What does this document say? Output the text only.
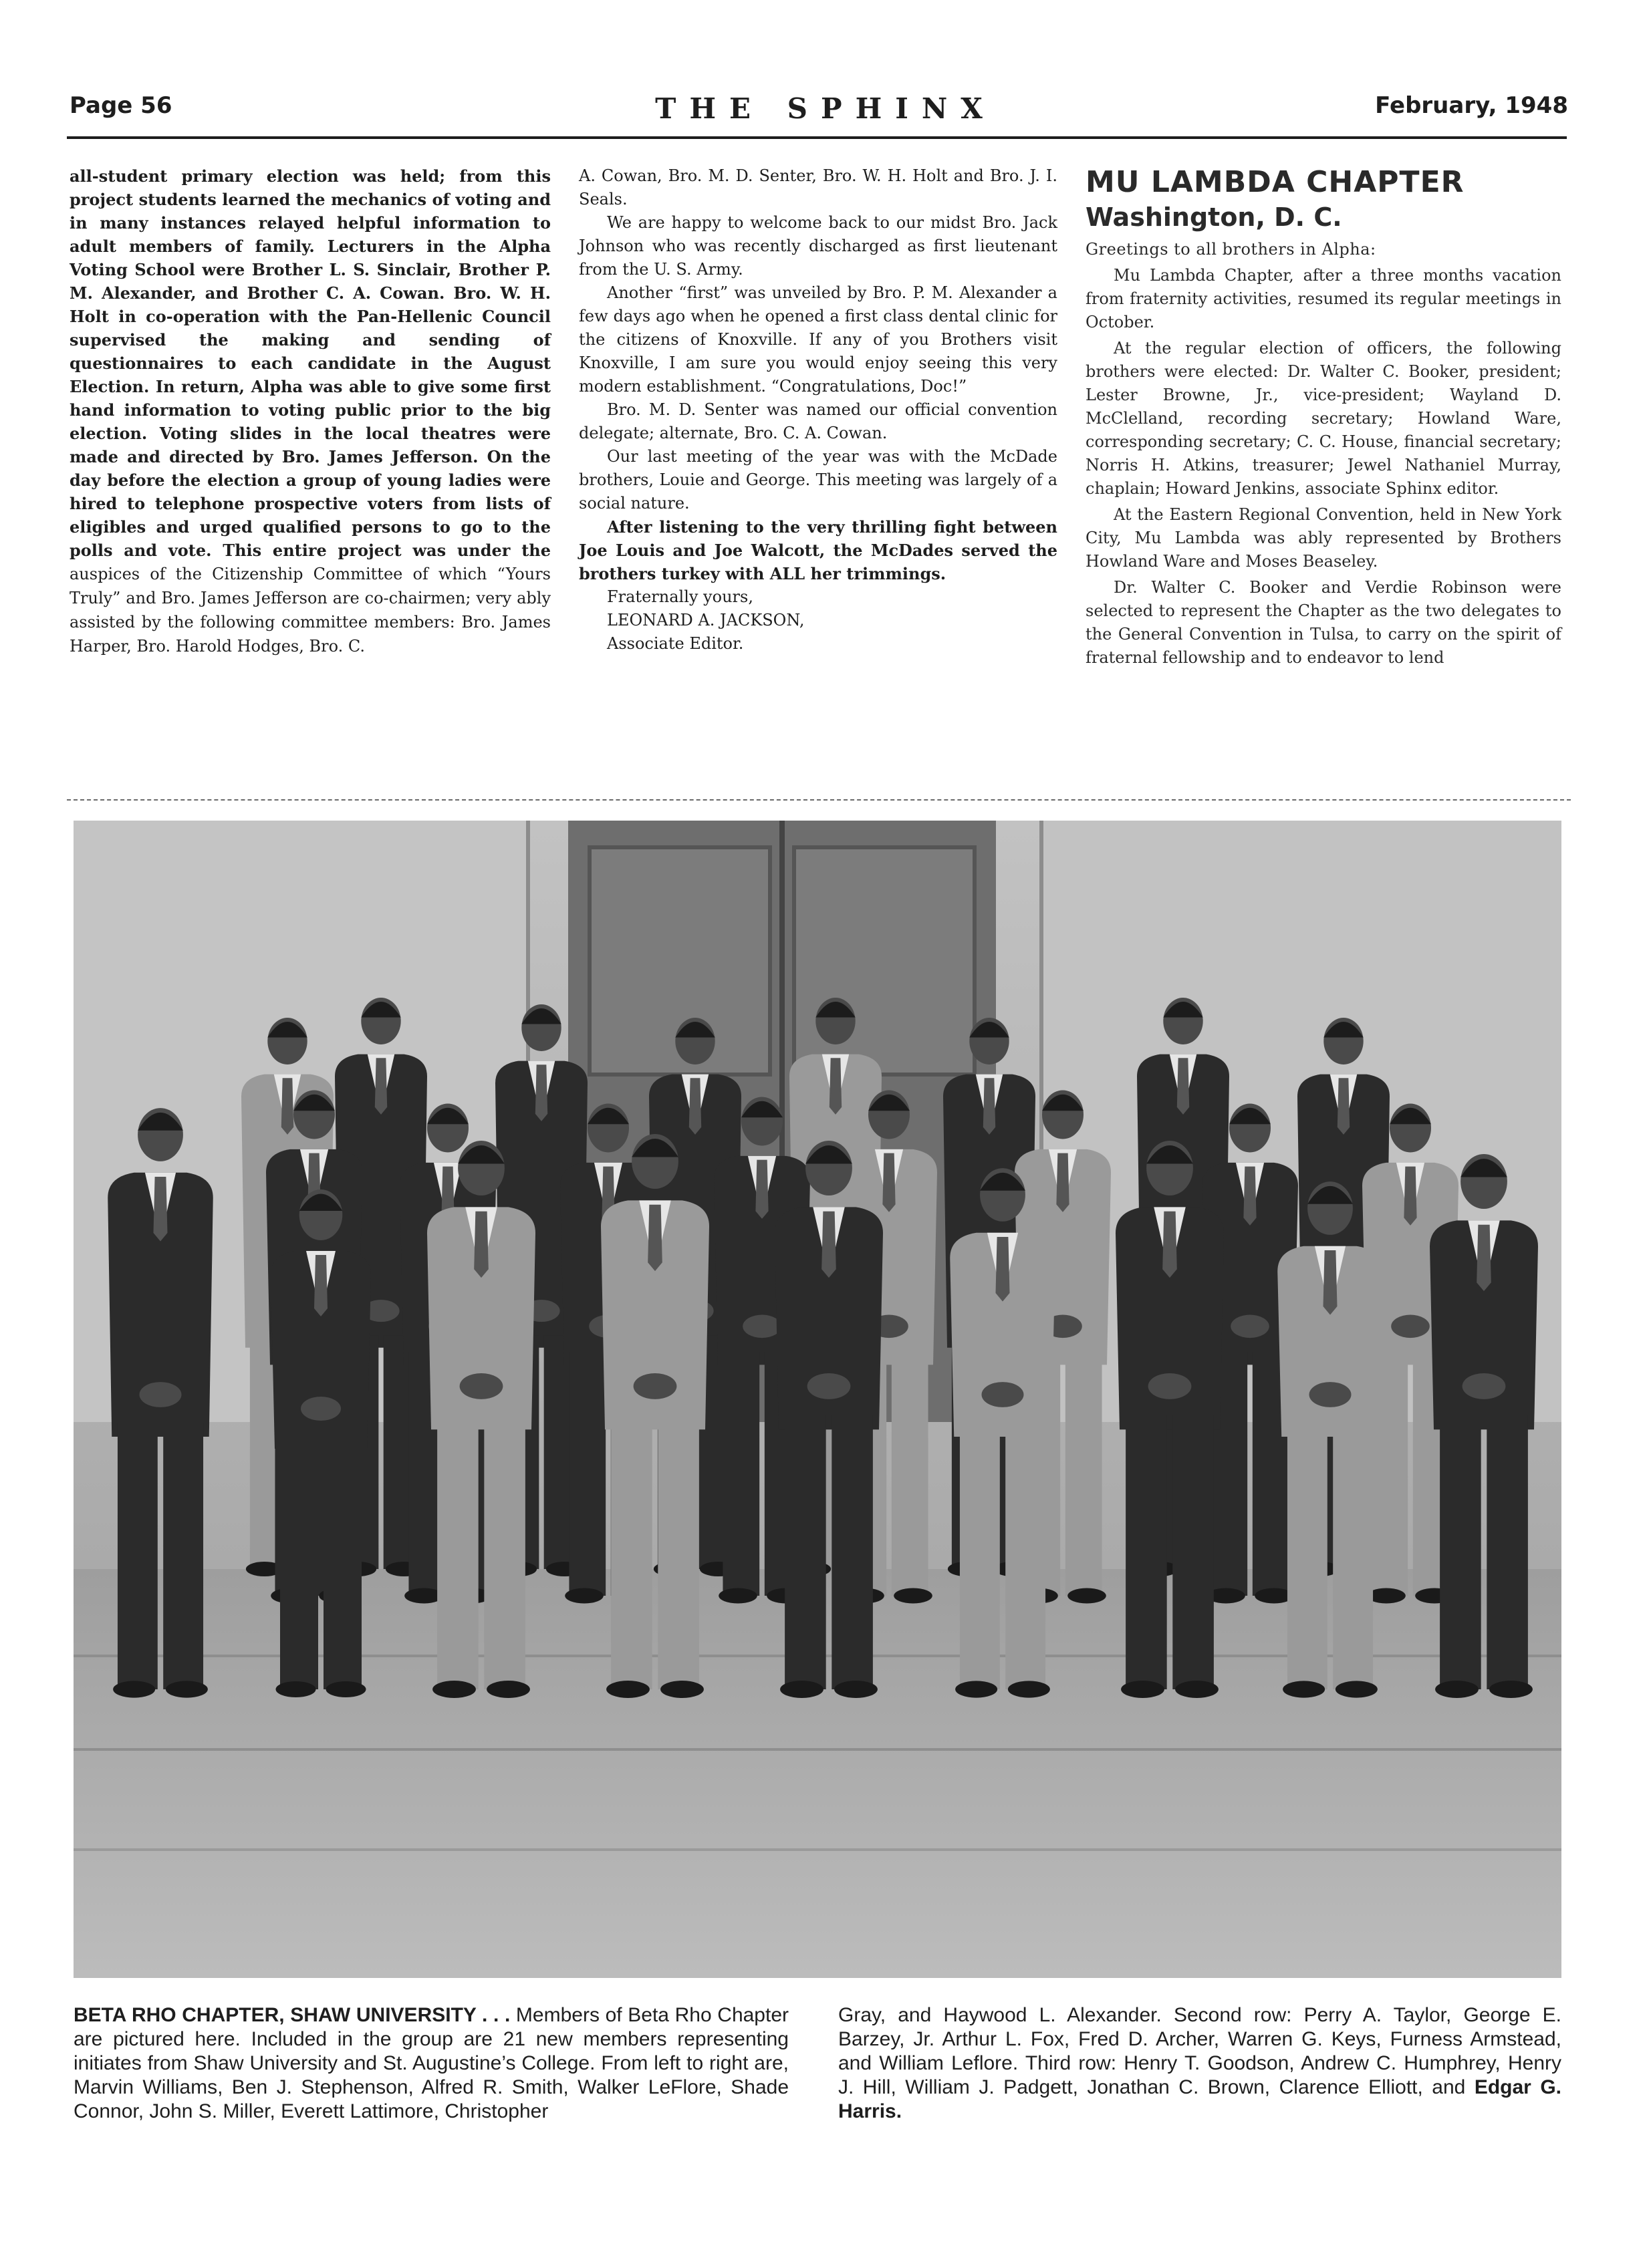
Page 56	THE SPHINX	February, 1948

all-student primary election was held; from this project students learned the mechanics of voting and in many instances relayed helpful information to adult members of family. Lecturers in the Alpha Voting School were Brother L. S. Sinclair, Brother P. M. Alexander, and Brother C. A. Cowan. Bro. W. H. Holt in co-operation with the Pan-Hellenic Council supervised the making and sending of questionnaires to each candidate in the August Election. In return, Alpha was able to give some first hand information to voting public prior to the big election. Voting slides in the local theatres were made and directed by Bro. James Jefferson. On the day before the election a group of young ladies were hired to telephone prospective voters from lists of eligibles and urged qualified persons to go to the polls and vote. This entire project was under the auspices of the Citizenship Committee of which “Yours Truly” and Bro. James Jefferson are co-chairmen; very ably assisted by the following committee members: Bro. James Harper, Bro. Harold Hodges, Bro. C.

A. Cowan, Bro. M. D. Senter, Bro. W. H. Holt and Bro. J. I. Seals.

We are happy to welcome back to our midst Bro. Jack Johnson who was recently discharged as first lieutenant from the U. S. Army.

Another “first” was unveiled by Bro. P. M. Alexander a few days ago when he opened a first class dental clinic for the citizens of Knoxville. If any of you Brothers visit Knoxville, I am sure you would enjoy seeing this very modern establishment. “Congratulations, Doc!”

Bro. M. D. Senter was named our official convention delegate; alternate, Bro. C. A. Cowan.

Our last meeting of the year was with the McDade brothers, Louie and George. This meeting was largely of a social nature.

After listening to the very thrilling fight between Joe Louis and Joe Walcott, the McDades served the brothers turkey with ALL her trimmings.

Fraternally yours,

LEONARD A. JACKSON,

Associate Editor.

MU LAMBDA CHAPTER
Washington, D. C.

Greetings to all brothers in Alpha:

Mu Lambda Chapter, after a three months vacation from fraternity activities, resumed its regular meetings in October.

At the regular election of officers, the following brothers were elected: Dr. Walter C. Booker, president; Lester Browne, Jr., vice-president; Wayland D. McClelland, recording secretary; Howland Ware, corresponding secretary; C. C. House, financial secretary; Norris H. Atkins, treasurer; Jewel Nathaniel Murray, chaplain; Howard Jenkins, associate Sphinx editor.

At the Eastern Regional Convention, held in New York City, Mu Lambda was ably represented by Brothers Howland Ware and Moses Beaseley.

Dr. Walter C. Booker and Verdie Robinson were selected to represent the Chapter as the two delegates to the General Convention in Tulsa, to carry on the spirit of fraternal fellowship and to endeavor to lend

BETA RHO CHAPTER, SHAW UNIVERSITY . . . Members of Beta Rho Chapter are pictured here. Included in the group are 21 new members representing initiates from Shaw University and St. Augustine’s College. From left to right are, Marvin Williams, Ben J. Stephenson, Alfred R. Smith, Walker LeFlore, Shade Connor, John S. Miller, Everett Lattimore, Christopher

Gray, and Haywood L. Alexander. Second row: Perry A. Taylor, George E. Barzey, Jr. Arthur L. Fox, Fred D. Archer, Warren G. Keys, Furness Armstead, and William Leflore. Third row: Henry T. Goodson, Andrew C. Humphrey, Henry J. Hill, William J. Padgett, Jonathan C. Brown, Clarence Elliott, and Edgar G. Harris.
